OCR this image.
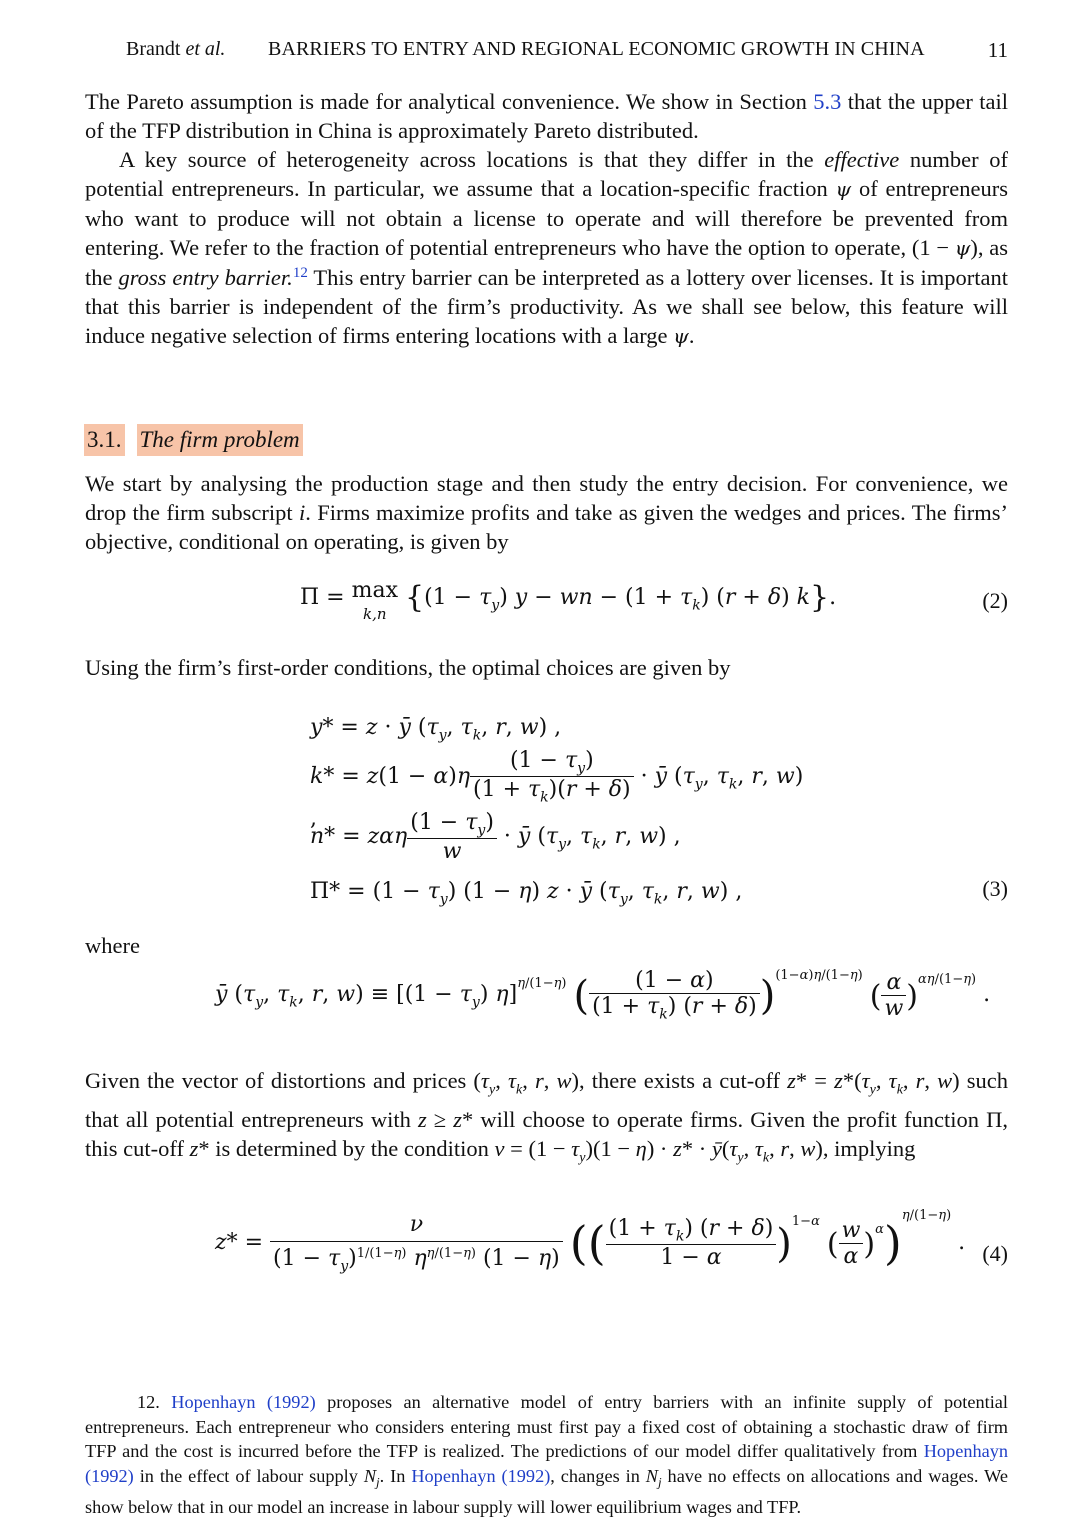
Brandt et al. BARRIERS TO ENTRY AND REGIONAL ECONOMIC GROWTH IN CHINA	11

The Pareto assumption is made for analytical convenience. We show in Section 5.3 that the upper tail of the TFP distribution in China is approximately Pareto distributed.

A key source of heterogeneity across locations is that they differ in the effective number of potential entrepreneurs. In particular, we assume that a location-specific fraction ψ of entrepreneurs who want to produce will not obtain a license to operate and will therefore be prevented from entering. We refer to the fraction of potential entrepreneurs who have the option to operate, (1 − ψ), as the gross entry barrier.$^{12}$ This entry barrier can be interpreted as a lottery over licenses. It is important that this barrier is independent of the firm’s productivity. As we shall see below, this feature will induce negative selection of firms entering locations with a large ψ.

3.1. The firm problem

We start by analysing the production stage and then study the entry decision. For convenience, we drop the firm subscript i. Firms maximize profits and take as given the wedges and prices. The firms’ objective, conditional on operating, is given by

Π = max
k,n {$(1 - \tau_y)$ y − wn − $(1 + \tau_k)$ (r + δ) k}.	(2)

Using the firm’s first-order conditions, the optimal choices are given by

y* = z · ȳ ($\tau_y$, $\tau_k$, r, w) ,
$k* = z(1 - \alpha)\eta \frac{(1 - \tau_y)}{(1 + \tau_k)(r + \delta)}$ · ȳ ($\tau_y$, $\tau_k$, r, w) ,
n* = zαη $\frac{(1 - \tau_y)}{w}$ · ȳ ($\tau_y$, $\tau_k$, r, w) ,
$\Pi* = (1 - \tau_y)$ (1 − η) z · ȳ ($\tau_y$, $\tau_k$, r, w) ,	(3)

where

ȳ ($\tau_y$, $\tau_k$, r, $w) \equiv [(1 - \tau_y)$ η]$^{\eta/(1-\eta)}$ ( $\frac{(1 - \alpha)}{(1 + \tau_k) (r + \delta)} )^{(1-\alpha)\eta/(1-\eta)}$ ( $\frac{\alpha}{w} )^{\alpha\eta/(1-\eta)}$ .

Given the vector of distortions and prices ($\tau_y$, $\tau_k$, r, w), there exists a cut-off $z* = z*(\tau_y$, $\tau_k$, r, w) such that all potential entrepreneurs with z ≥ z* will choose to operate firms. Given the profit function Π, this cut-off z* is determined by the condition $\nu = (1 - \tau_y)(1 - \eta) \cdot z*$ · $ȳ(\tau_y$, $\tau_k$, r, w), implying

$z* = \frac{\nu}{(1 - \tau_y)^{1/(1-\eta)} \eta^{\eta/(1-\eta)} (1 - \eta)}$ (( $\frac{(1 + \tau_k) (r + \delta)}{1 - \alpha} )^{1-\alpha}$ ( $\frac{w}{\alpha} )^\alpha)^{\eta/(1-\eta)}$ . (4)

12. Hopenhayn (1992) proposes an alternative model of entry barriers with an infinite supply of potential entrepreneurs. Each entrepreneur who considers entering must first pay a fixed cost of obtaining a stochastic draw of firm TFP and the cost is incurred before the TFP is realized. The predictions of our model differ qualitatively from Hopenhayn (1992) in the effect of labour supply $N_j$. In Hopenhayn (1992), changes in $N_j$ have no effects on allocations and wages. We show below that in our model an increase in labour supply will lower equilibrium wages and TFP.
